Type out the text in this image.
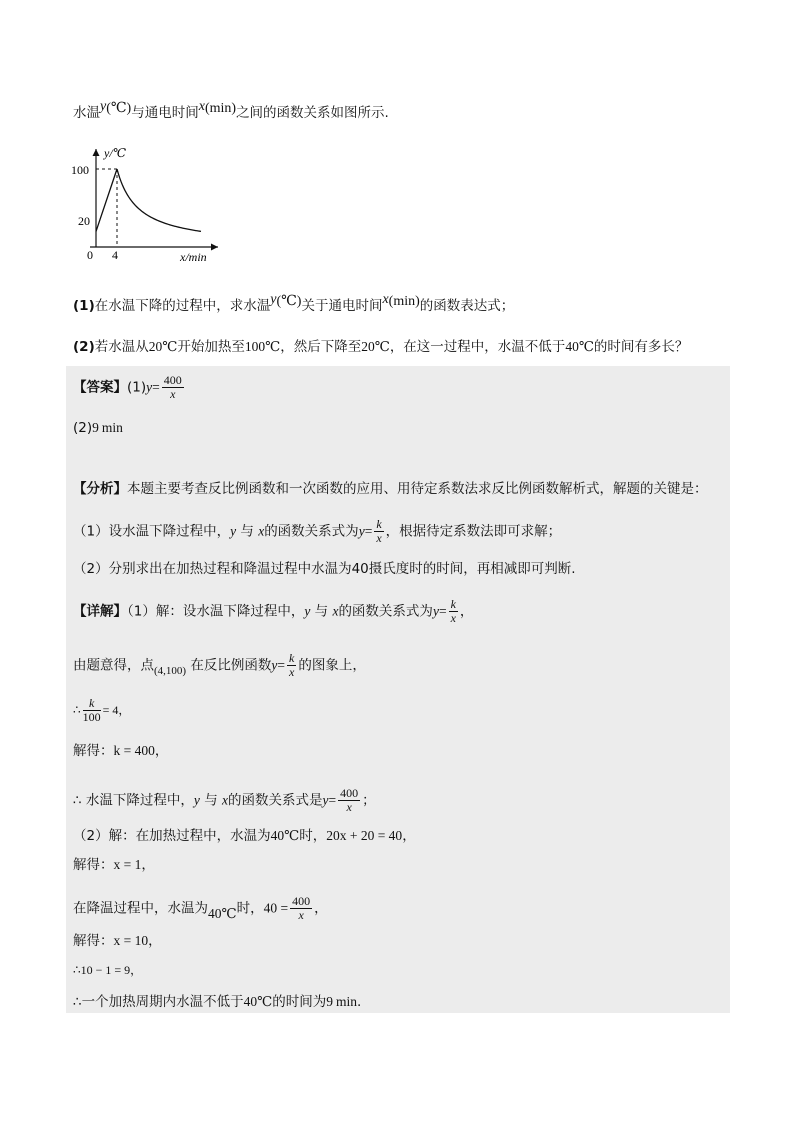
水温y(℃)与通电时间x(min)之间的函数关系如图所示.
y/℃
x/min
100
20
0 4
(1)在水温下降的过程中，求水温y(℃)关于通电时间x(min)的函数表达式；
(2)若水温从20℃开始加热至100℃，然后下降至20℃，在这一过程中，水温不低于40℃的时间有多长？
【答案】$(1)y= \frac{400}{x}$
(2)9 min
【分析】本题主要考查反比例函数和一次函数的应用、用待定系数法求反比例函数解析式，解题的关键是：
（1）设水温下降过程中，y 与 x的函数关系式为$y= \frac{k}{x}$ ，根据待定系数法即可求解；
（2）分别求出在加热过程和降温过程中水温为40摄氏度时的时间，再相减即可判断.
【详解】（1）解：设水温下降过程中，y 与 x的函数关系式为$y= \frac{k}{x}$ ，
由题意得，点$_{(4,100)}$ 在反比例函数$y= \frac{k}{x}$ 的图象上，
∴ $\frac{k}{100} = 4$，
解得：k = 400，
∴ 水温下降过程中，y 与 x的函数关系式是$y= \frac{400}{x}$ ；
（2）解：在加热过程中，水温为40℃时，20x + 20 = 40，
解得：x = 1，
在降温过程中，水温为40℃时，$40 = \frac{400}{x}$ ，
解得：x = 10，
∴10 − 1 = 9，
∴一个加热周期内水温不低于40℃的时间为9 min.
